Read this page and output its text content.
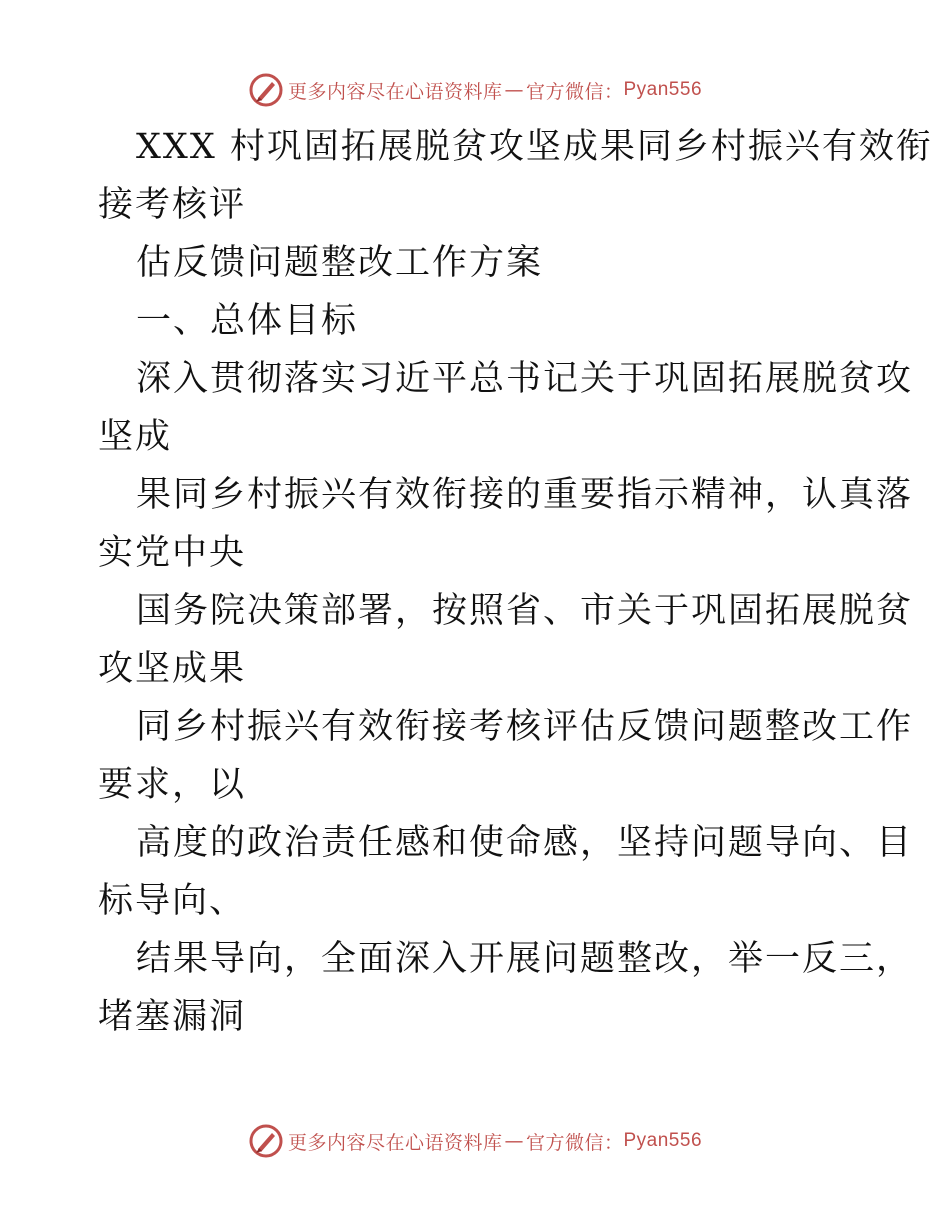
更多内容尽在心语资料库 — 官方微信： Pyan556
XXX 村巩固拓展脱贫攻坚成果同乡村振兴有效衔
接考核评
估反馈问题整改工作方案
一、总体目标
深入贯彻落实习近平总书记关于巩固拓展脱贫攻
坚成
果同乡村振兴有效衔接的重要指示精神，认真落
实党中央
国务院决策部署，按照省、市关于巩固拓展脱贫
攻坚成果
同乡村振兴有效衔接考核评估反馈问题整改工作
要求，以
高度的政治责任感和使命感，坚持问题导向、目
标导向、
结果导向，全面深入开展问题整改，举一反三，
堵塞漏洞
更多内容尽在心语资料库 — 官方微信： Pyan556
